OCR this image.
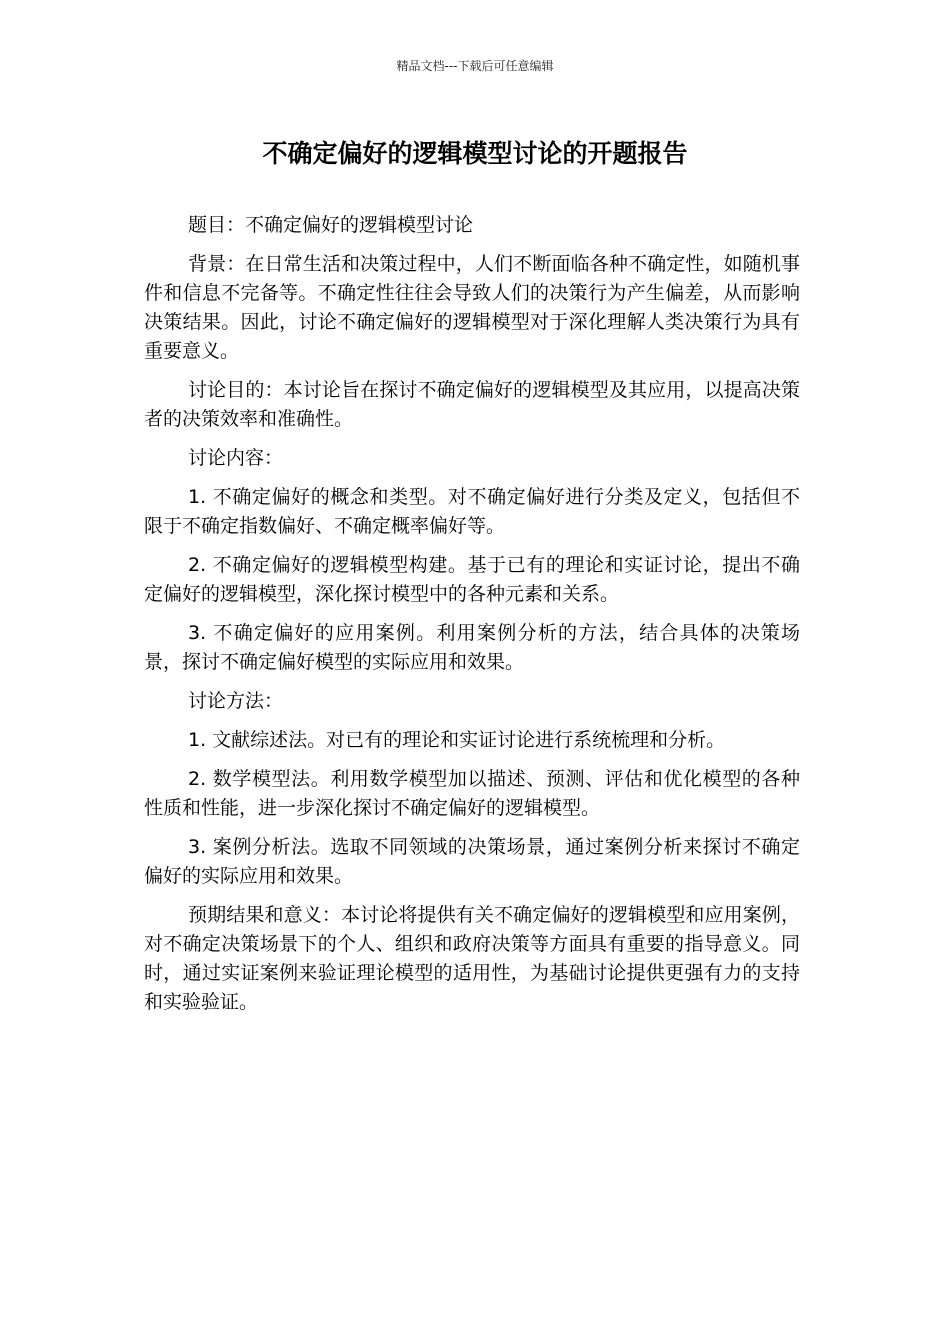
精品文档---下载后可任意编辑
不确定偏好的逻辑模型讨论的开题报告

题目：不确定偏好的逻辑模型讨论

背景：在日常生活和决策过程中，人们不断面临各种不确定性，如随机事件和信息不完备等。不确定性往往会导致人们的决策行为产生偏差，从而影响决策结果。因此，讨论不确定偏好的逻辑模型对于深化理解人类决策行为具有重要意义。

讨论目的：本讨论旨在探讨不确定偏好的逻辑模型及其应用，以提高决策者的决策效率和准确性。

讨论内容：

1. 不确定偏好的概念和类型。对不确定偏好进行分类及定义，包括但不限于不确定指数偏好、不确定概率偏好等。

2. 不确定偏好的逻辑模型构建。基于已有的理论和实证讨论，提出不确定偏好的逻辑模型，深化探讨模型中的各种元素和关系。

3. 不确定偏好的应用案例。利用案例分析的方法，结合具体的决策场景，探讨不确定偏好模型的实际应用和效果。

讨论方法：

1. 文献综述法。对已有的理论和实证讨论进行系统梳理和分析。

2. 数学模型法。利用数学模型加以描述、预测、评估和优化模型的各种性质和性能，进一步深化探讨不确定偏好的逻辑模型。

3. 案例分析法。选取不同领域的决策场景，通过案例分析来探讨不确定偏好的实际应用和效果。

预期结果和意义：本讨论将提供有关不确定偏好的逻辑模型和应用案例，对不确定决策场景下的个人、组织和政府决策等方面具有重要的指导意义。同时，通过实证案例来验证理论模型的适用性，为基础讨论提供更强有力的支持和实验验证。
